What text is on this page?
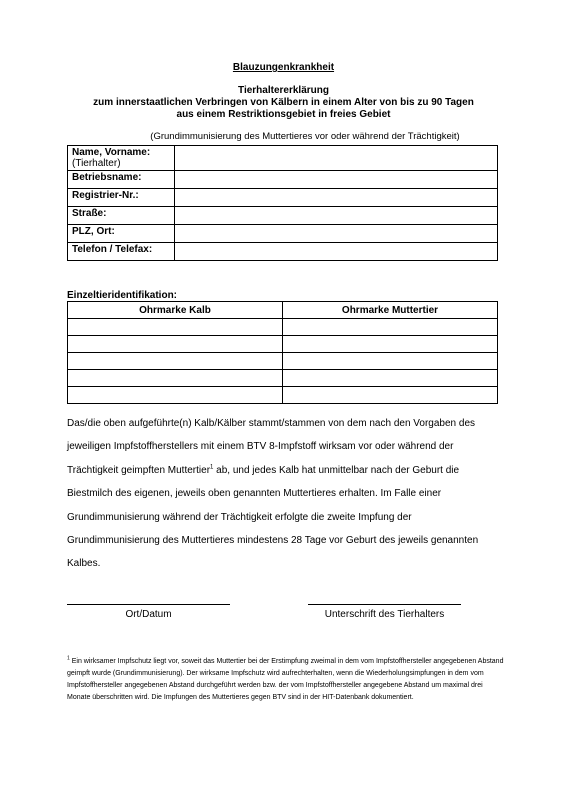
Blauzungenkrankheit
Tierhaltererklärung
zum innerstaatlichen Verbringen von Kälbern in einem Alter von bis zu 90 Tagen
aus einem Restriktionsgebiet in freies Gebiet
(Grundimmunisierung des Muttertieres vor oder während der Trächtigkeit)
Name, Vorname:
(Tierhalter)	

Betriebsname:	
Registrier-Nr.:	
Straße:	
PLZ, Ort:	
Telefon / Telefax:	
Einzeltieridentifikation:
Ohrmarke Kalb	Ohrmarke Muttertier

Das/die oben aufgeführte(n) Kalb/Kälber stammt/stammen von dem nach den Vorgaben des jeweiligen Impfstoffherstellers mit einem BTV 8-Impfstoff wirksam vor oder während der Trächtigkeit geimpften Muttertier$^1$ ab, und jedes Kalb hat unmittelbar nach der Geburt die Biestmilch des eigenen, jeweils oben genannten Muttertieres erhalten. Im Falle einer Grundimmunisierung während der Trächtigkeit erfolgte die zweite Impfung der Grundimmunisierung des Muttertieres mindestens 28 Tage vor Geburt des jeweils genannten Kalbes.
Ort/Datum	Unterschrift des Tierhalters
$^1$ Ein wirksamer Impfschutz liegt vor, soweit das Muttertier bei der Erstimpfung zweimal in dem vom Impfstoffhersteller angegebenen Abstand geimpft wurde (Grundimmunisierung). Der wirksame Impfschutz wird aufrechterhalten, wenn die Wiederholungsimpfungen in dem vom Impfstoffhersteller angegebenen Abstand durchgeführt werden bzw. der vom Impfstoffhersteller angegebene Abstand um maximal drei Monate überschritten wird. Die Impfungen des Muttertieres gegen BTV sind in der HIT-Datenbank dokumentiert.
